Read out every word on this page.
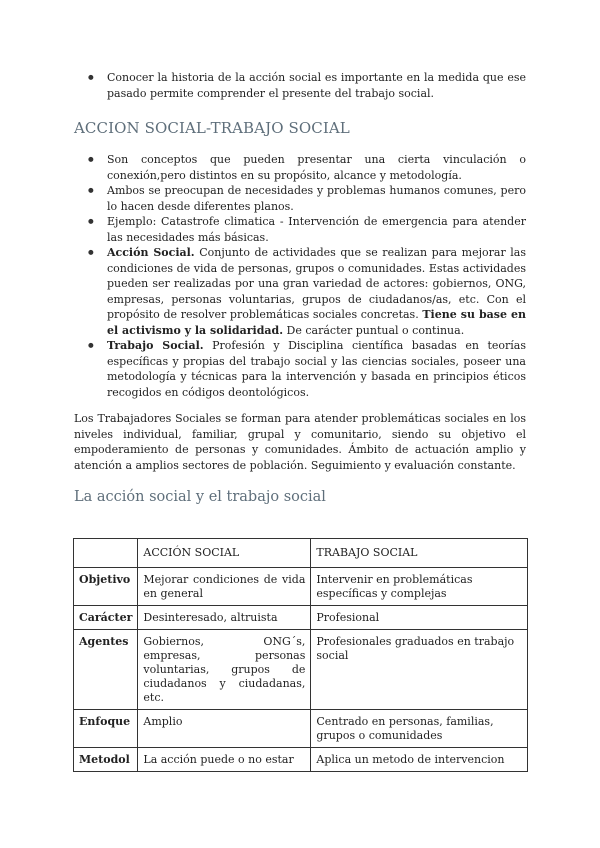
● Conocer la historia de la acción social es importante en la medida que ese pasado permite comprender el presente del trabajo social.
ACCION SOCIAL-TRABAJO SOCIAL
● Son conceptos que pueden presentar una cierta vinculación o conexión,pero distintos en su propósito, alcance y metodología.
● Ambos se preocupan de necesidades y problemas humanos comunes, pero lo hacen desde diferentes planos.
● Ejemplo: Catastrofe climatica - Intervención de emergencia para atender las necesidades más básicas.
● Acción Social. Conjunto de actividades que se realizan para mejorar las condiciones de vida de personas, grupos o comunidades. Estas actividades pueden ser realizadas por una gran variedad de actores: gobiernos, ONG, empresas, personas voluntarias, grupos de ciudadanos/as, etc. Con el propósito de resolver problemáticas sociales concretas. Tiene su base en el activismo y la solidaridad. De carácter puntual o continua.
● Trabajo Social. Profesión y Disciplina científica basadas en teorías específicas y propias del trabajo social y las ciencias sociales, poseer una metodología y técnicas para la intervención y basada en principios éticos recogidos en códigos deontológicos.

Los Trabajadores Sociales se forman para atender problemáticas sociales en los niveles individual, familiar, grupal y comunitario, siendo su objetivo el empoderamiento de personas y comunidades. Ámbito de actuación amplio y atención a amplios sectores de población. Seguimiento y evaluación constante.

La acción social y el trabajo social
	ACCIÓN SOCIAL	TRABAJO SOCIAL
Objetivo	Mejorar condiciones de vida en general	Intervenir en problemáticas específicas y complejas
Carácter	Desinteresado, altruista	Profesional
Agentes	Gobiernos, ONG´s, empresas, personas voluntarias, grupos de ciudadanos y ciudadanas, etc.	Profesionales graduados en trabajo social
Enfoque	Amplio	Centrado en personas, familias, grupos o comunidades
Metodol	La acción puede o no estar	Aplica un metodo de intervencion
